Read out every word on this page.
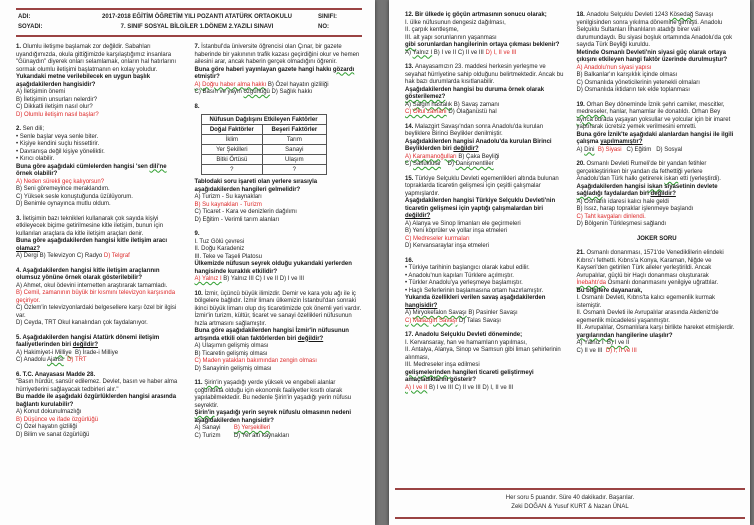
ADI:
SOYADI:
2017-2018 EĞİTİM ÖĞRETİM YILI POZANTI ATATÜRK ORTAOKULU
7. SINIF SOSYAL BİLGİLER 1.DÖNEM 2.YAZILI SINAVI
SINIFI:
NO:
1. Olumlu iletişme başlamak zor değildir. Sabahları uyandığımızda, okula gittiğimizde karşılaştığımız insanlara "Günaydın" diyerek onları selamlamak, onların hal hatırlarını sormak olumlu iletişimi başlatmanın en kolay yoludur.
Yukarıdaki metne verilebilecek en uygun başlık aşağıdakilerden hangisidir?
A) İletişimin önemi
B) İletişimin unsurları nelerdir?
C) Dikkatli iletişim nasıl olur?
D) Olumlu iletişim nasıl başlar?
2. Sen dili;
• Senle başlar veya senle biter.
• Kişiye kendini suçlu hissettirir.
• Davranışa değil kişiye yöneliktir.
• Kırıcı olabilir.
Buna göre aşağıdaki cümlelerden hangisi 'sen dili'ne örnek olabilir?
A) Neden sürekli geç kalıyorsun?
B) Seni göremeyince meraklandım.
C) Yüksek sesle konuştuğunda üzülüyorum.
D) Benimle oynayınca mutlu oldum.
3. İletişimin bazı teknikleri kullanarak çok sayıda kişiyi etkileyecek biçime getirilmesine kitle iletişim, bunun için kullanılan araçlara da kitle iletişim araçları denir.
Buna göre aşağıdakilerden hangisi kitle iletişim aracı olamaz?
A) Dergi B) Televizyon C) Radyo D) Telgraf
4. Aşağıdakilerden hangisi kitle iletişim araçlarının olumsuz yönüne örnek olarak gösterilebilir?
A) Ahmet, okul ödevini internetten araştırarak tamamladı.
B) Cemil, zamanının büyük bir kısmını televizyon karşısında geçiriyor.
C) Özlem'in televizyonlardaki belgesellere karşı özel bir ilgisi var.
D) Ceyda, TRT Okul kanalından çok faydalanıyor.
5. Aşağıdakilerden hangisi Atatürk dönemi iletişim faaliyetlerinden biri değildir?
A) Hakimiyet-i Milliye  B) İrade-i Milliye
C) Anadolu Ajansı D) TRT
6. T.C. Anayasası Madde 28.
"Basın hürdür, sansür edilemez. Devlet, basın ve haber alma hürriyetlerini sağlayacak tedbirleri alır."
Bu madde ile aşağıdaki özgürlüklerden hangisi arasında bağlantı kurulabilir?
A) Konut dokunulmazlığı
B) Düşünce ve ifade özgürlüğü
C) Özel hayatın gizliliği
D) Bilim ve sanat özgürlüğü
7. İstanbul'da üniversite öğrencisi olan Çınar, bir gazete haberinde bir yakınının trafik kazası geçirdiğini okur ve hemen ailesini arar, ancak haberin gerçek olmadığını öğrenir.
Buna göre haberi yayınlayan gazete hangi hakkı gözardı etmiştir?
A) Doğru haber alma hakkı B) Özel hayatın gizliliği
C) Basın ve yayın özgürlüğü D) Sağlık hakkı
8.
Nüfusun Dağılışını Etkileyen Faktörler	
Doğal Faktörler	Beşeri Faktörler
İklim	Tarım
Yer Şekilleri	Sanayi
Bitki Örtüsü	Ulaşım
?	?
Tablodaki soru işareti olan yerlere sırasıyla aşağıdakilerden hangileri gelmelidir?
A) Turizm - Su kaynakları
B) Su kaynakları - Turizm
C) Ticaret - Kara ve denizlerin dağılımı
D) Eğitim - Verimli tarım alanları
9.
I. Tuz Gölü çevresi
II. Doğu Karadeniz
III. Teke ve Taşeli Platosu
Ülkemizde nüfusun seyrek olduğu yukarıdaki yerlerden hangisinde kuraklık etkilidir?
A) Yalnız I B) Yalnız III C) I ve II D) I ve III
10. İzmir, üçüncü büyük ilimizdir. Demir ve kara yolu ağı ile iç bölgelere bağlıdır. İzmir limanı ülkemizin İstanbul'dan sonraki ikinci büyük limanı olup dış ticaretimizde çok önemli yeri vardır. İzmir'in turizm, kültür, ticaret ve sanayi özellikleri nüfusunun hızla artmasını sağlamıştır.
Buna göre aşağıdakilerden hangisi İzmir'in nüfusunun artışında etkili olan faktörlerden biri değildir?
A) Ulaşımın gelişmiş olması
B) Ticaretin gelişmiş olması
C) Maden yatakları bakımından zengin olması
D) Sanayinin gelişmiş olması
11. Şirin'in yaşadığı yerde yüksek ve engebeli alanlar çoğunlukta olduğu için ekonomik faaliyetler kısıtlı olarak yapılabilmektedir. Bu nedenle Şirin'in yaşadığı yerin nüfusu seyrektir.
Şirin'in yaşadığı yerin seyrek nüfuslu olmasının nedeni aşağıdakilerden hangisidir?
A) Sanayi        B) Yerşekilleri
C) Turizm        D) Yer altı kaynakları
12. Bir ülkede iç göçün artmasının sonucu olarak;
I. ülke nüfusunun dengesiz dağılması,
II. çarpık kentleşme,
III. alt yapı sorunlarının yaşanması
gibi sorunlardan hangilerinin ortaya çıkması beklenir?
A) Yalnız I B) I ve II C) II ve III D) I, II ve III
13. Anayasamızın 23. maddesi herkesin yerleşme ve seyahat hürriyetine sahip olduğunu belirtmektedir. Ancak bu hak bazı durumlarda kısıtlanabilir.
Aşağıdakilerden hangisi bu duruma örnek olarak gösterilemez?
A) Salgın hastalık B) Savaş zamanı
C) Okul zamanı D) Olağanüstü hal
14. Malazgirt Savaşı'ndan sonra Anadolu'da kurulan beyliklere Birinci Beylikler denilmiştir.
Aşağıdakilerden hangisi Anadolu'da kurulan Birinci Beyliklerden biri değildir?
A) Karamanoğulları B) Çaka Beyliği
C) Saltuklular    D) Danişmentliler
15. Türkiye Selçuklu Devleti egemenlikleri altında bulunan topraklarda ticaretin gelişmesi için çeşitli çalışmalar yapmışlardır.
Aşağıdakilerden hangisi Türkiye Selçuklu Devleti'nin ticaretin gelişmesi için yaptığı çalışmalardan biri değildir?
A) Alanya ve Sinop limanları ele geçirmeleri
B) Yeni köprüler ve yollar inşa etmeleri
C) Medreseler kurmaları
D) Kervansaraylar inşa etmeleri
16.
• Türkiye tarihinin başlangıcı olarak kabul edilir.
• Anadolu'nun kapıları Türklere açılmıştır.
• Türkler Anadolu'ya yerleşmeye başlamıştır.
• Haçlı Seferlerinin başlamasına ortam hazırlamıştır.
Yukarıda özellikleri verilen savaş aşağıdakilerden hangisidir?
A) Miryokefalon Savaşı B) Pasinler Savaşı
C) Malazgirt Savaşı D) Talas Savaşı
17. Anadolu Selçuklu Devleti döneminde;
I. Kervansaray, han ve hamamların yapılması,
II. Antalya, Alanya, Sinop ve Samsun gibi liman şehirlerinin alınması,
III. Medreseler inşa edilmesi
gelişmelerinden hangileri ticareti geliştirmeyi amaçladıklarını gösterir?
A) I ve II B) I ve III C) II ve III D) I, II ve III
18. Anadolu Selçuklu Devleti 1243 Kösedağ Savaşı yenilgisinden sonra yıkılma dönemine girmişti. Anadolu Selçuklu Sultanları İlhanlıların atadığı birer vali durumundaydı. Bu siyasi boşluk ortamında Anadolu'da çok sayıda Türk Beyliği kuruldu.
Metinde Osmanlı Devleti'nin siyasi güç olarak ortaya çıkışını etkileyen hangi faktör üzerinde durulmuştur?
A) Anadolu'nun siyasi yapısı
B) Balkanlar'ın karışıklık içinde olması
C) Osmanlıda yöneticilerinin yetenekli olmaları
D) Osmanlıda iktidarın tek elde toplanması
19. Orhan Bey döneminde İznik şehri camiler, mescitler, medreseler, hanlar, hamamlar ile donatıldı. Orhan Bey ayrıca burada yaşayan yoksullar ve yolcular için bir imaret yaptırarak ücretsiz yemek verilmesini emretti.
Buna göre İznik'te aşağıdaki alanlardan hangisi ile ilgili çalışma yapılmamıştır?
A) Dini B) Siyasi   C) Eğitim   D) Sosyal
20. Osmanlı Devleti Rumeli'de bir yandan fetihler gerçekleştirirken bir yandan da fethettiği yerlere Anadolu'dan Türk halkı getirerek iskan etti (yerleştirdi).
Aşağıdakilerden hangisi iskan siyasetinin devlete sağladığı faydalardan biri değildir?
A) Osmanlı idaresi kalıcı hale geldi
B) Issız, harap topraklar işlenmeye başlandı
C) Taht kavgaları dinlendi.
D) Bölgenin Türkleşmesi sağlandı
JOKER SORU
21. Osmanlı donanması, 1571'de Venediklilerin elindeki Kıbrıs'ı fethetti. Kıbrıs'a Konya, Karaman, Niğde ve Kayseri'den getirilen Türk aileler yerleştirildi. Ancak Avrupalılar, güçlü bir Haçlı donanması oluşturarak İnebahtı'da Osmanlı donanmasını yenilgiye uğrattılar.
Bu bilgilere dayanarak,
I. Osmanlı Devleti, Kıbrıs'ta kalıcı egemenlik kurmak istemiştir.
II. Osmanlı Devleti ile Avrupalılar arasında Akdeniz'de egemenlik mücadelesi yaşanmıştır.
III. Avrupalılar, Osmanlılara karşı birlikte hareket etmişlerdir.
yargılarından hangilerine ulaşılır?
A) Yalnız I  B) I ve II
C) II ve III  D) I, II ve III
Her soru 5 puandır. Süre 40 dakikadır. Başarılar.
Zeki DOĞAN & Yusuf KURT & Nazan ÜNAL
